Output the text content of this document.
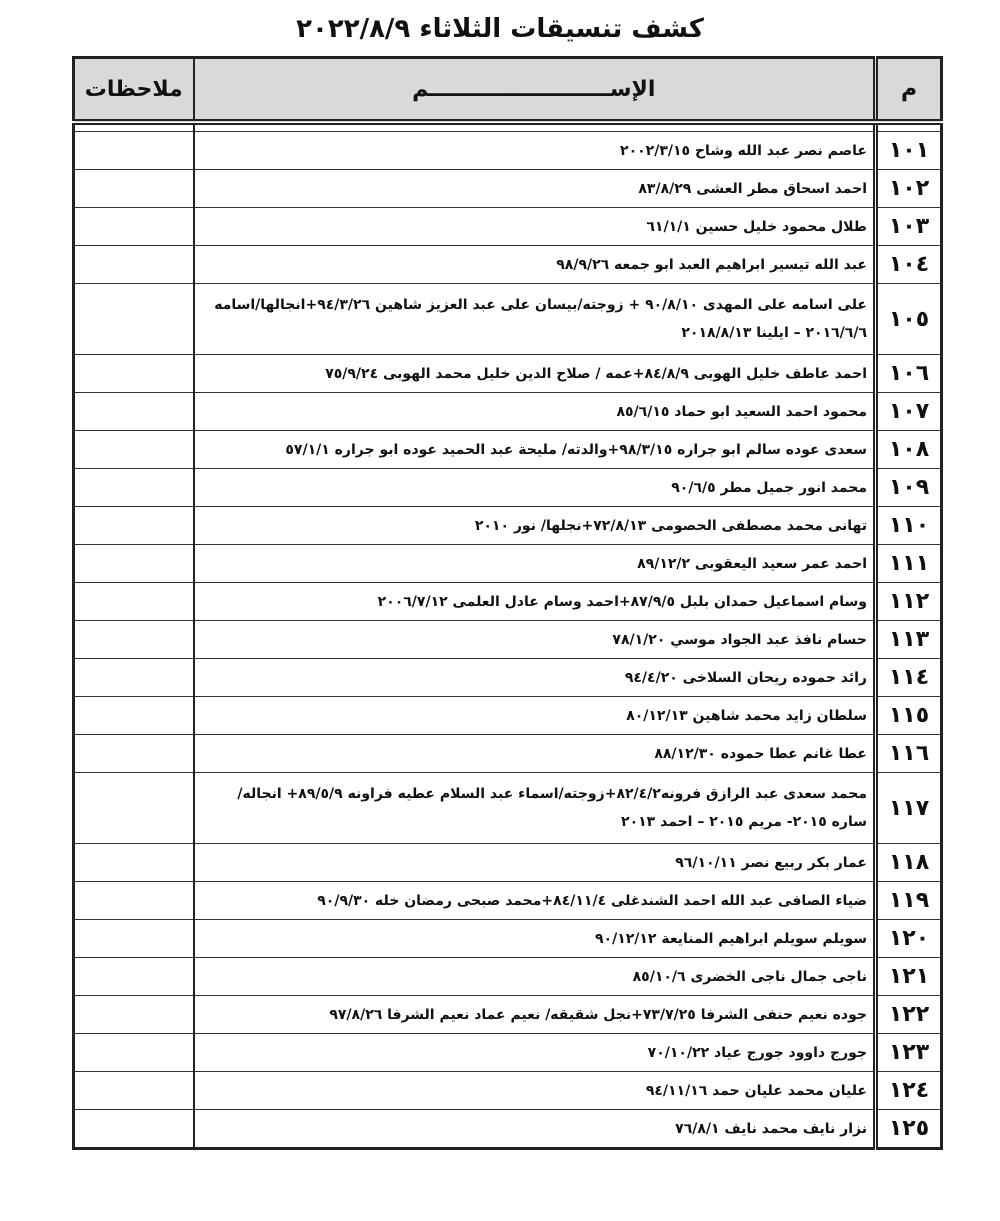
كشف تنسيقات الثلاثاء ٢٠٢٢/٨/٩
م	الإســــــــــــــــــــــــم	ملاحظات

١٠١	عاصم نصر عبد الله وشاح ٢٠٠٢/٣/١٥	
١٠٢	احمد اسحاق مطر العشى ٨٣/٨/٢٩	
١٠٣	طلال محمود خليل حسين ٦١/١/١	
١٠٤	عبد الله تيسير ابراهيم العبد ابو جمعه ٩٨/٩/٢٦	
١٠٥	على اسامه على المهدى ٩٠/٨/١٠ + زوجته/بيسان على عبد العزيز شاهين ٩٤/٣/٢٦+انجالها/اسامه ٢٠١٦/٦/٦ – ايلينا ٢٠١٨/٨/١٣	
١٠٦	احمد عاطف خليل الهوبى ٨٤/٨/٩+عمه / صلاح الدين خليل محمد الهوبى ٧٥/٩/٢٤	
١٠٧	محمود احمد السعيد ابو حماد ٨٥/٦/١٥	
١٠٨	سعدى عوده سالم ابو جراره ٩٨/٣/١٥+والدته/ مليحة عبد الحميد عوده ابو جراره ٥٧/١/١	
١٠٩	محمد انور جميل مطر ٩٠/٦/٥	
١١٠	تهانى محمد مصطفى الحصومى ٧٢/٨/١٣+نجلها/ نور ٢٠١٠	
١١١	احمد عمر سعيد اليعقوبى ٨٩/١٢/٢	
١١٢	وسام اسماعيل حمدان بلبل ٨٧/٩/٥+احمد وسام عادل العلمى ٢٠٠٦/٧/١٢	
١١٣	حسام نافذ عبد الجواد موسي ٧٨/١/٢٠	
١١٤	رائد حموده ريحان السلاخى ٩٤/٤/٢٠	
١١٥	سلطان زايد محمد شاهين ٨٠/١٢/١٣	
١١٦	عطا غانم عطا حموده ٨٨/١٢/٣٠	
١١٧	محمد سعدى عبد الرازق فرونه٨٢/٤/٢+زوجته/اسماء عبد السلام عطيه فراونه ٨٩/٥/٩+ انجاله/ ساره ٢٠١٥- مريم ٢٠١٥ – احمد ٢٠١٣	
١١٨	عمار بكر ربيع نصر ٩٦/١٠/١١	
١١٩	ضياء الصافى عبد الله احمد الشندغلى ٨٤/١١/٤+محمد صبحى رمضان خله ٩٠/٩/٣٠	
١٢٠	سويلم سويلم ابراهيم المنايعة ٩٠/١٢/١٢	
١٢١	ناجى جمال ناجى الخضرى ٨٥/١٠/٦	
١٢٢	جوده نعيم حنفى الشرفا ٧٣/٧/٢٥+نجل شقيقه/ نعيم عماد نعيم الشرفا ٩٧/٨/٢٦	
١٢٣	جورج داوود جورج عياد ٧٠/١٠/٢٢	
١٢٤	عليان محمد عليان حمد ٩٤/١١/١٦	
١٢٥	نزار نايف محمد نايف ٧٦/٨/١	
